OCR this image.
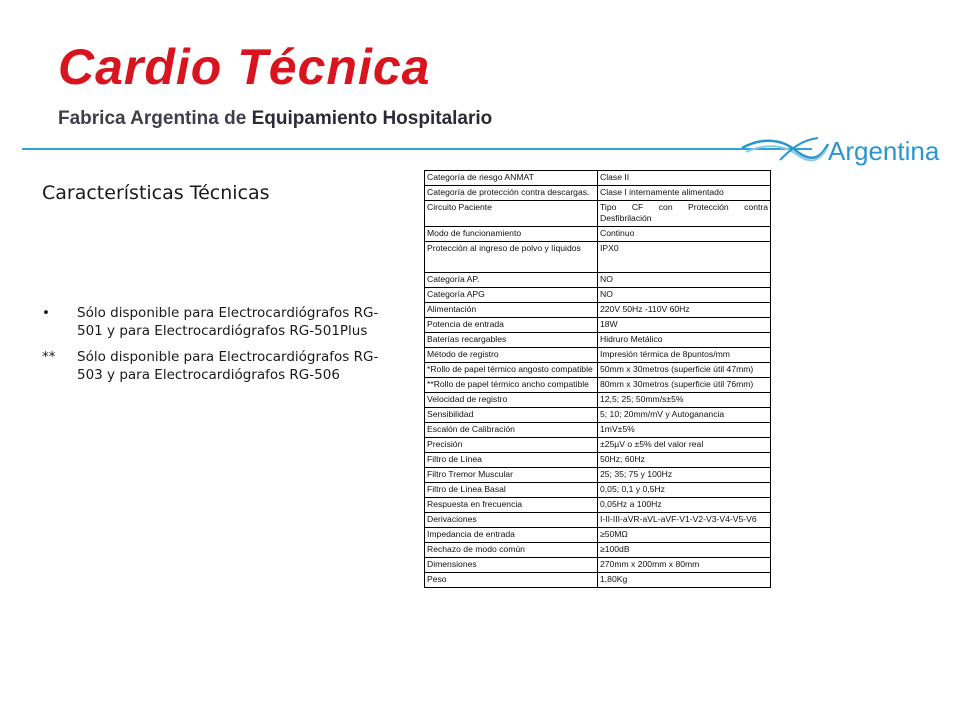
Cardio Técnica
Fabrica Argentina de Equipamiento Hospitalario
Argentina
Características Técnicas
•	Sólo disponible para Electrocardiógrafos RG-501 y para Electrocardiógrafos RG-501Plus
**	Sólo disponible para Electrocardiógrafos RG-503 y para Electrocardiógrafos RG-506
Categoría de riesgo ANMAT	Clase II
Categoría de protección contra descargas.	Clase I internamente alimentado
Circuito Paciente	Tipo CF con Protección contra Desfibrilación
Modo de funcionamiento	Continuo
Protección al ingreso de polvo y líquidos	IPX0
Categoría AP.	NO
Categoría APG	NO
Alimentación	220V 50Hz -110V 60Hz
Potencia de entrada	18W
Baterías recargables	Hidruro Metálico
Método de registro	Impresión térmica de 8puntos/mm
*Rollo de papel térmico angosto compatible	50mm x 30metros (superficie útil 47mm)
**Rollo de papel térmico ancho compatible	80mm x 30metros (superficie útil 76mm)
Velocidad de registro	12,5; 25; 50mm/s±5%
Sensibilidad	5; 10; 20mm/mV y Autoganancia
Escalón de Calibración	1mV±5%
Precisión	±25µV o ±5% del valor real
Filtro de Línea	50Hz; 60Hz
Filtro Tremor Muscular	25; 35; 75 y 100Hz
Filtro de Línea Basal	0,05; 0,1 y 0,5Hz
Respuesta en frecuencia	0,05Hz a 100Hz
Derivaciones	I-II-III-aVR-aVL-aVF-V1-V2-V3-V4-V5-V6
Impedancia de entrada	≥50MΩ
Rechazo de modo común	≥100dB
Dimensiones	270mm x 200mm x 80mm
Peso	1,80Kg
